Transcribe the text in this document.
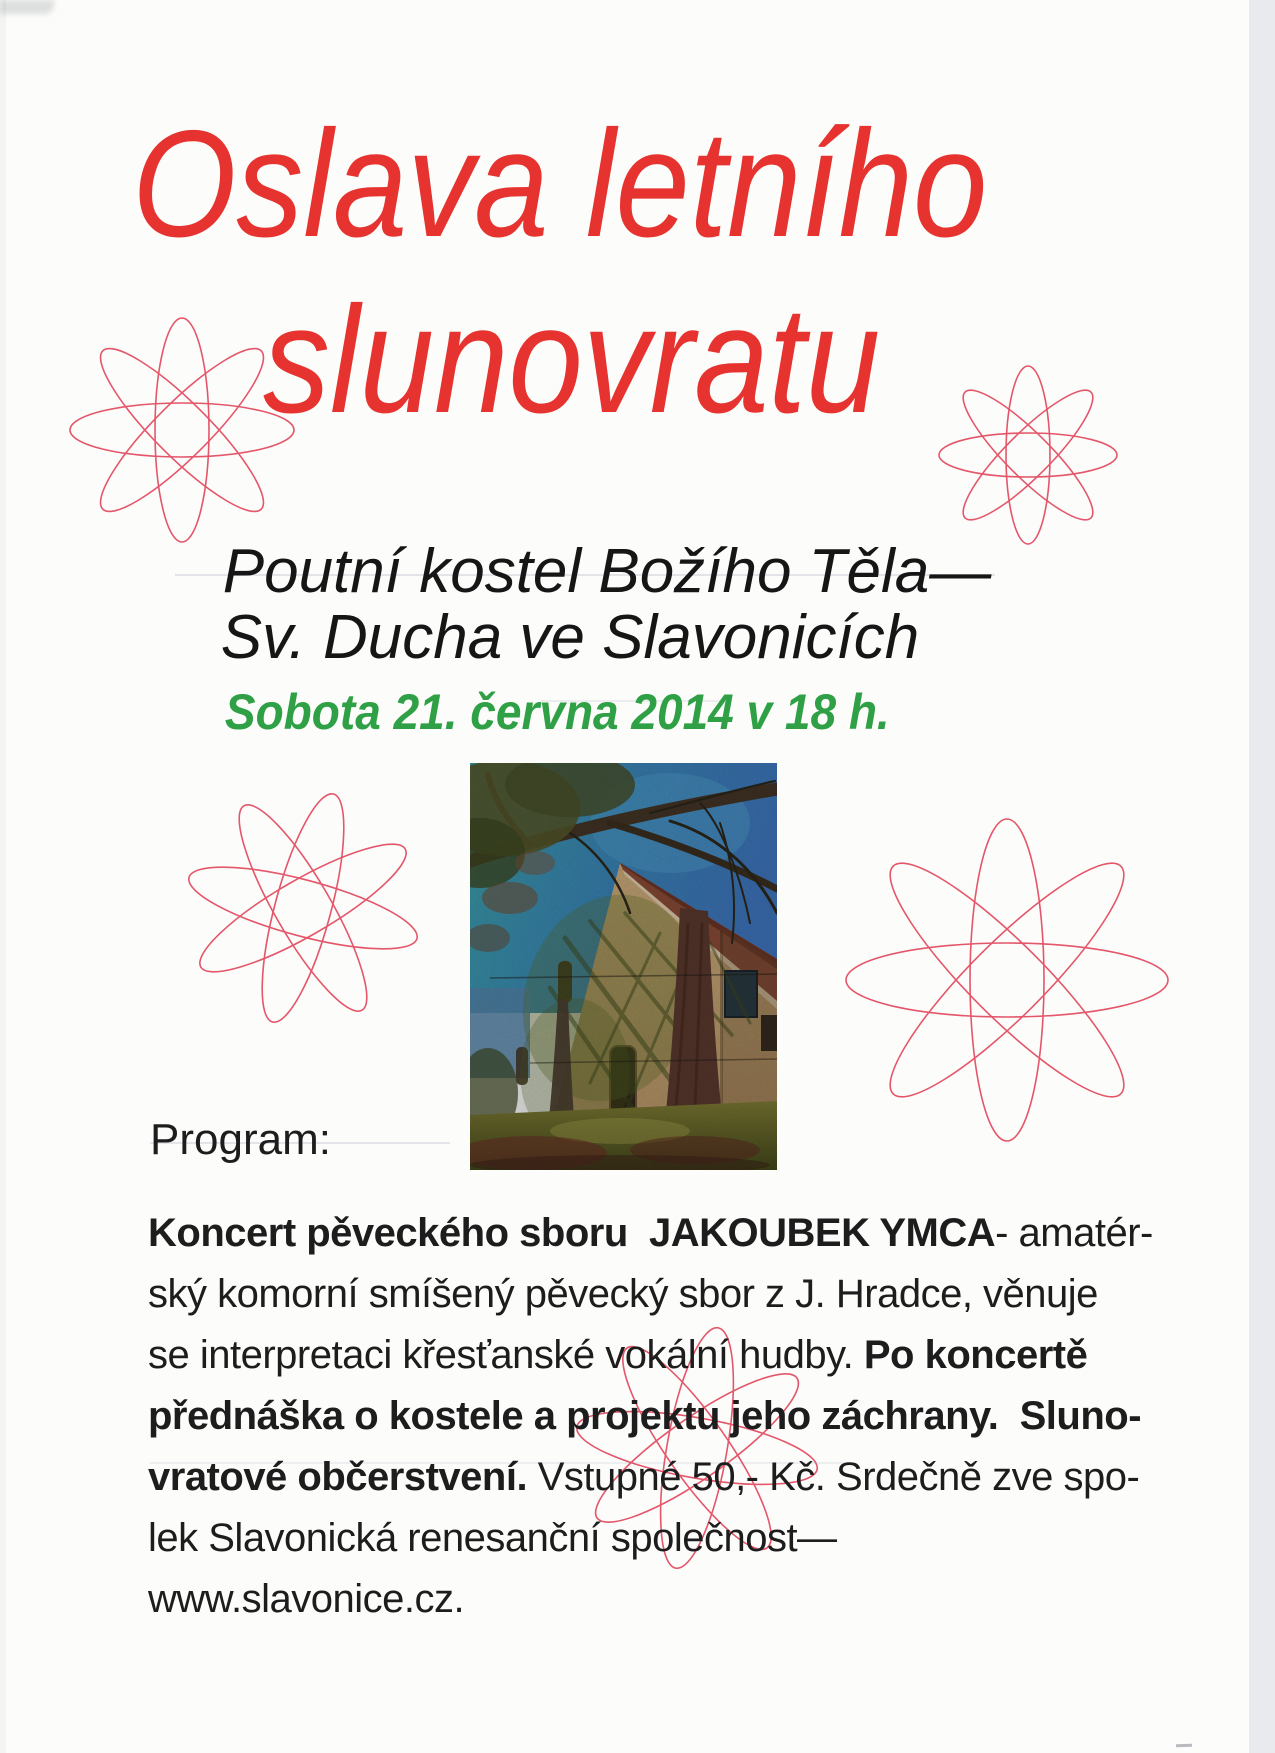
Oslava letního
slunovratu
Poutní kostel Božího Těla—
Sv. Ducha ve Slavonicích
Sobota 21. června 2014 v 18 h.
Program:
Koncert pěveckého sboru  JAKOUBEK YMCA- amatér-
ský komorní smíšený pěvecký sbor z J. Hradce, věnuje
se interpretaci křesťanské vokální hudby. Po koncertě
přednáška o kostele a projektu jeho záchrany.  Sluno-
vratové občerstvení. Vstupné 50,- Kč. Srdečně zve spo-
lek Slavonická renesanční společnost—
www.slavonice.cz.
